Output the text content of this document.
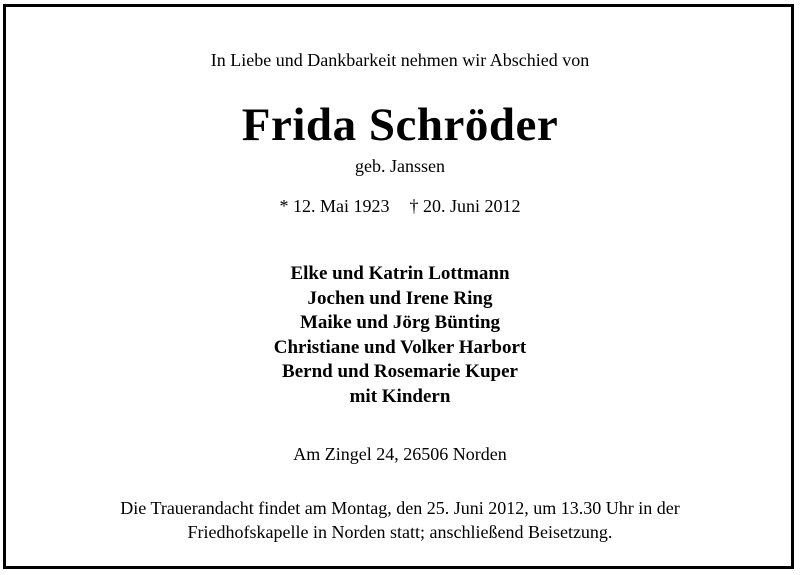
In Liebe und Dankbarkeit nehmen wir Abschied von
Frida Schröder
geb. Janssen
* 12. Mai 1923 † 20. Juni 2012
Elke und Katrin Lottmann
Jochen und Irene Ring
Maike und Jörg Bünting
Christiane und Volker Harbort
Bernd und Rosemarie Kuper
mit Kindern
Am Zingel 24, 26506 Norden
Die Trauerandacht findet am Montag, den 25. Juni 2012, um 13.30 Uhr in der
Friedhofskapelle in Norden statt; anschließend Beisetzung.
